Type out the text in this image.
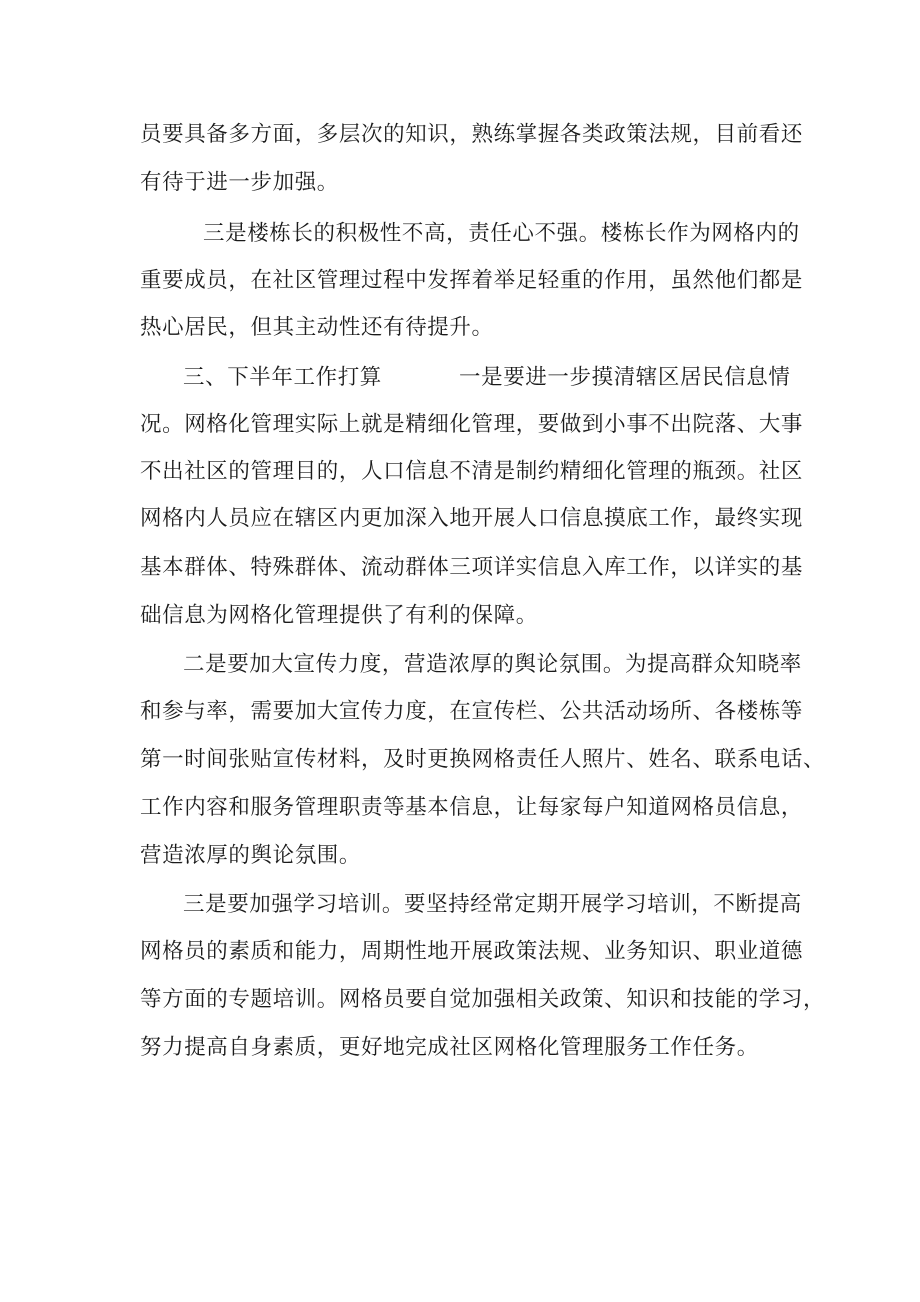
员要具备多方面，多层次的知识，熟练掌握各类政策法规，目前看还
有待于进一步加强。
三是楼栋长的积极性不高，责任心不强。楼栋长作为网格内的
重要成员，在社区管理过程中发挥着举足轻重的作用，虽然他们都是
热心居民，但其主动性还有待提升。
三、下半年工作打算	一是要进一步摸清辖区居民信息情
况。网格化管理实际上就是精细化管理，要做到小事不出院落、大事
不出社区的管理目的，人口信息不清是制约精细化管理的瓶颈。社区
网格内人员应在辖区内更加深入地开展人口信息摸底工作，最终实现
基本群体、特殊群体、流动群体三项详实信息入库工作，以详实的基
础信息为网格化管理提供了有利的保障。
二是要加大宣传力度，营造浓厚的舆论氛围。为提高群众知晓率
和参与率，需要加大宣传力度，在宣传栏、公共活动场所、各楼栋等
第一时间张贴宣传材料，及时更换网格责任人照片、姓名、联系电话、
工作内容和服务管理职责等基本信息，让每家每户知道网格员信息，
营造浓厚的舆论氛围。
三是要加强学习培训。要坚持经常定期开展学习培训，不断提高
网格员的素质和能力，周期性地开展政策法规、业务知识、职业道德
等方面的专题培训。网格员要自觉加强相关政策、知识和技能的学习，
努力提高自身素质，更好地完成社区网格化管理服务工作任务。
